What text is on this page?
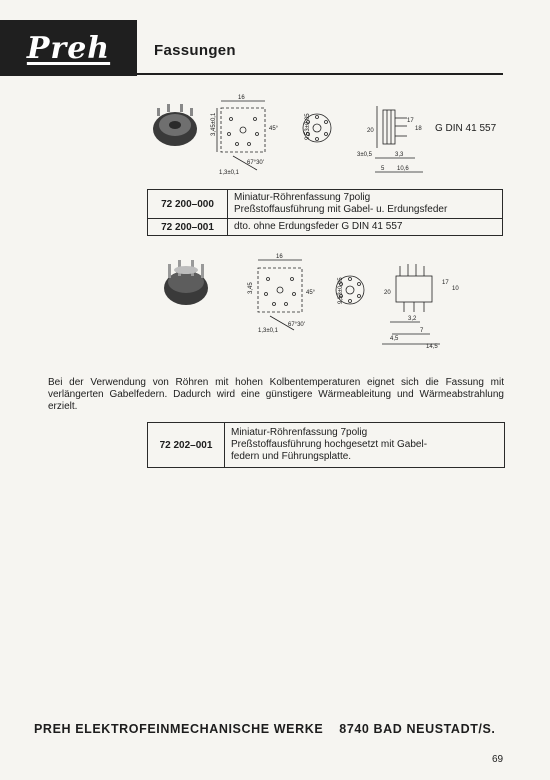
Preh	Fassungen
16
3,45±0,1	45°
67°30'
1,3±0,1
9,53±0,05	20
17
18
3±0,5	3,3
5 10,6
G DIN 41 557
72 200–000	Miniatur-Röhrenfassung 7polig
Preßstoffausführung mit Gabel- u. Erdungsfeder

72 200–001	dto. ohne Erdungsfeder G DIN 41 557
16
3,45	45°
67°30'
1,3±0,1
9,53±0,05	20
17
10
3,2
7
4,5
14,5
Bei der Verwendung von Röhren mit hohen Kolbentemperaturen eignet sich die Fassung mit verlängerten Gabelfedern. Dadurch wird eine günstigere Wärmeableitung und Wärmeabstrahlung erzielt.
72 202–001	
Miniatur-Röhrenfassung 7polig
Preßstoffausführung hochgesetzt mit Gabel-
federn und Führungsplatte.
PREH ELEKTROFEINMECHANISCHE WERKE 8740 BAD NEUSTADT/S.
69
